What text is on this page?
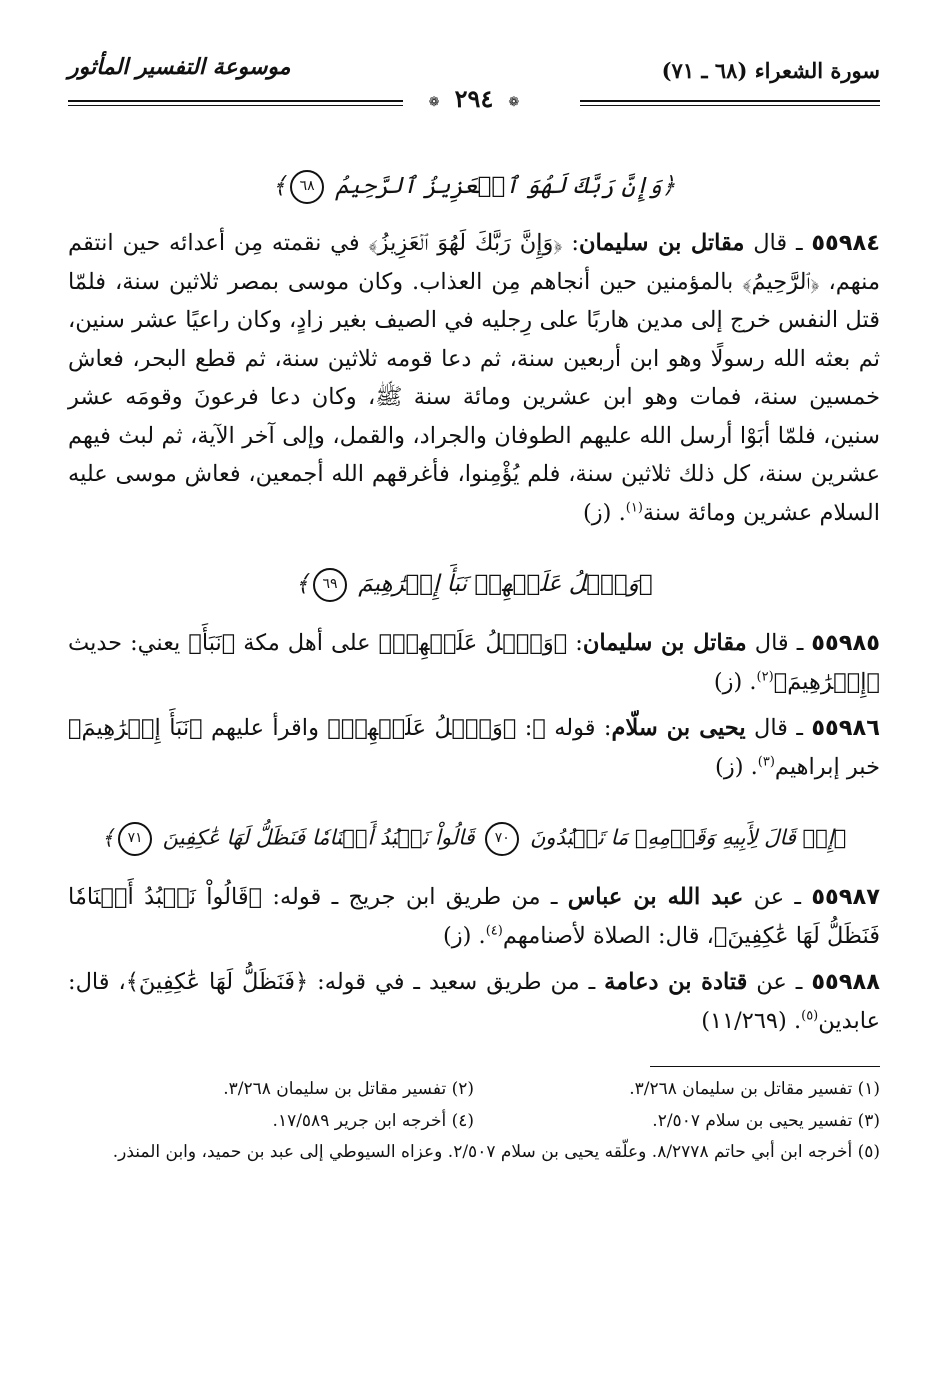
سورة الشعراء (٦٨ ـ ٧١)
موسوعة التفسير المأثور
❁ ٢٩٤ ❁
﴿وَإِنَّ رَبَّكَ لَهُوَ ٱلۡعَزِيزُ ٱلرَّحِيمُ ٦٨﴾

٥٥٩٨٤ ـ قال مقاتل بن سليمان: ﴿وَإِنَّ رَبَّكَ لَهُوَ ٱلۡعَزِيزُ﴾ في نقمته مِن أعدائه حين انتقم منهم، ﴿ٱلرَّحِيمُ﴾ بالمؤمنين حين أنجاهم مِن العذاب. وكان موسى بمصر ثلاثين سنة، فلمّا قتل النفس خرج إلى مدين هاربًا على رِجليه في الصيف بغير زادٍ، وكان راعيًا عشر سنين، ثم بعثه الله رسولًا وهو ابن أربعين سنة، ثم دعا قومه ثلاثين سنة، ثم قطع البحر، فعاش خمسين سنة، فمات وهو ابن عشرين ومائة سنة ﷺ، وكان دعا فرعونَ وقومَه عشر سنين، فلمّا أبَوْا أرسل الله عليهم الطوفان والجراد، والقمل، وإلى آخر الآية، ثم لبث فيهم عشرين سنة، كل ذلك ثلاثين سنة، فلم يُؤْمِنوا، فأغرقهم الله أجمعين، فعاش موسى عليه السلام عشرين ومائة سنة$^{(١)}$. (ز)

﴿وَٱتۡلُ عَلَيۡهِمۡ نَبَأَ إِبۡرَٰهِيمَ ٦٩﴾

٥٥٩٨٥ ـ قال مقاتل بن سليمان: ﴿وَٱتۡلُ عَلَيۡهِمۡ﴾ على أهل مكة ﴿نَبَأَ﴾ يعني: حديث ﴿إِبۡرَٰهِيمَ﴾$^{(٢)}$. (ز)

٥٥٩٨٦ ـ قال يحيى بن سلّام: قوله ﷻ: ﴿وَٱتۡلُ عَلَيۡهِمۡ﴾ واقرأ عليهم ﴿نَبَأَ إِبۡرَٰهِيمَ﴾ خبر إبراهيم$^{(٣)}$. (ز)

﴿إِذۡ قَالَ لِأَبِيهِ وَقَوۡمِهِۦ مَا تَعۡبُدُونَ ٧٠ قَالُواْ نَعۡبُدُ أَصۡنَامٗا فَنَظَلُّ لَهَا عَٰكِفِينَ ٧١﴾

٥٥٩٨٧ ـ عن عبد الله بن عباس ـ من طريق ابن جريج ـ قوله: ﴿قَالُواْ نَعۡبُدُ أَصۡنَامٗا فَنَظَلُّ لَهَا عَٰكِفِينَ﴾، قال: الصلاة لأصنامهم$^{(٤)}$. (ز)

٥٥٩٨٨ ـ عن قتادة بن دعامة ـ من طريق سعيد ـ في قوله: ﴿فَنَظَلُّ لَهَا عَٰكِفِينَ﴾، قال: عابدين$^{(٥)}$. (١١/٢٦٩)

(١) تفسير مقاتل بن سليمان ٣/٢٦٨.
(٢) تفسير مقاتل بن سليمان ٣/٢٦٨.
(٣) تفسير يحيى بن سلام ٢/٥٠٧.
(٤) أخرجه ابن جرير ١٧/٥٨٩.
(٥) أخرجه ابن أبي حاتم ٨/٢٧٧٨. وعلّقه يحيى بن سلام ٢/٥٠٧. وعزاه السيوطي إلى عبد بن حميد، وابن المنذر.
